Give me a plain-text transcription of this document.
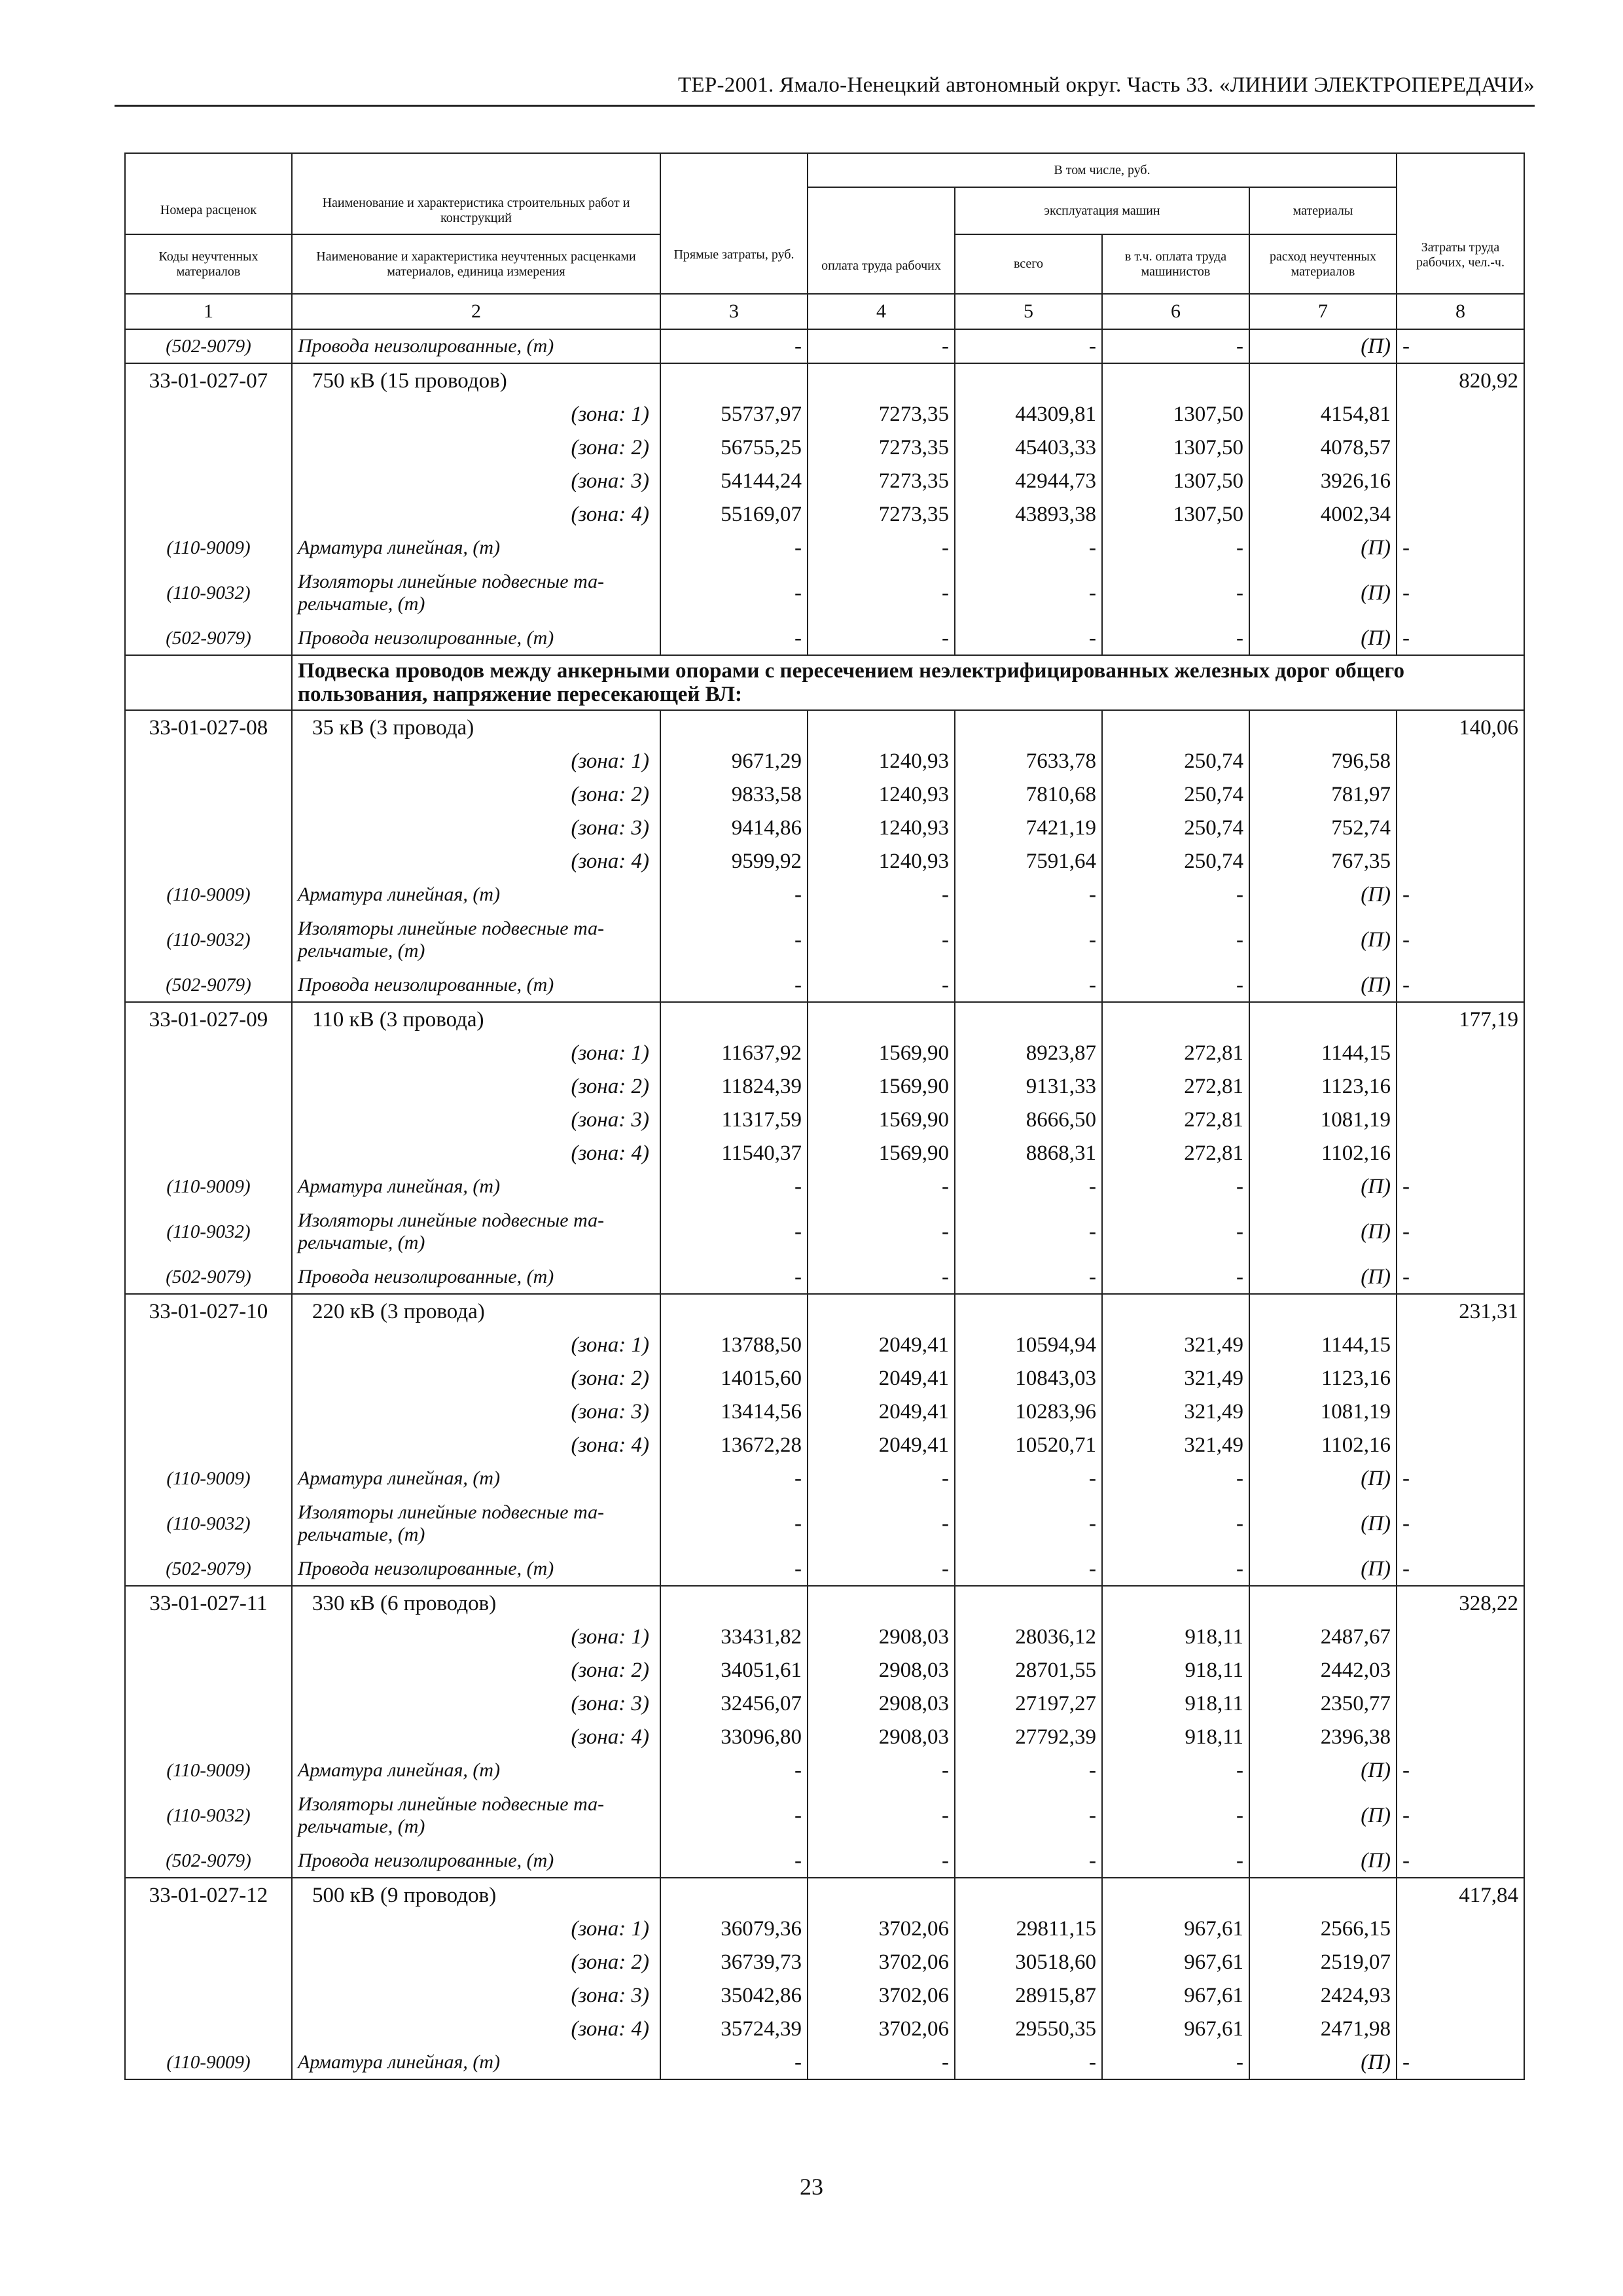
ТЕР-2001. Ямало-Ненецкий автономный округ. Часть 33. «ЛИНИИ ЭЛЕКТРОПЕРЕДАЧИ»

		Прямые затраты, руб.	В том числе, руб.				Затраты труда рабочих, чел.-ч.

Номера расценок	Наименование и характеристика строительных работ и конструкций		оплата труда рабочих	эксплуатация машин		материалы	
Коды неучтенных материалов	Наименование и характеристика неучтенных расценками материалов, единица измерения			всего	в т.ч. оплата труда машинистов	расход неучтенных материалов	
1	2	3	4	5	6	7	8
(502-9079)	Провода неизолированные, (т)	-	-	-	-	(П)	-
33-01-027-07	750 кВ (15 проводов)						820,92
	(зона: 1)	55737,97	7273,35	44309,81	1307,50	4154,81	
	(зона: 2)	56755,25	7273,35	45403,33	1307,50	4078,57	
	(зона: 3)	54144,24	7273,35	42944,73	1307,50	3926,16	
	(зона: 4)	55169,07	7273,35	43893,38	1307,50	4002,34	
(110-9009)	Арматура линейная, (т)	-	-	-	-	(П)	-
(110-9032)	Изоляторы линейные подвесные та-рельчатые, (т)	-	-	-	-	(П)	-
(502-9079)	Провода неизолированные, (т)	-	-	-	-	(П)	-
	Подвеска проводов между анкерными опорами с пересечением неэлектрифицированных железных дорог общего пользования, напряжение пересекающей ВЛ:						
33-01-027-08	35 кВ (3 провода)						140,06
	(зона: 1)	9671,29	1240,93	7633,78	250,74	796,58	
	(зона: 2)	9833,58	1240,93	7810,68	250,74	781,97	
	(зона: 3)	9414,86	1240,93	7421,19	250,74	752,74	
	(зона: 4)	9599,92	1240,93	7591,64	250,74	767,35	
(110-9009)	Арматура линейная, (т)	-	-	-	-	(П)	-
(110-9032)	Изоляторы линейные подвесные та-рельчатые, (т)	-	-	-	-	(П)	-
(502-9079)	Провода неизолированные, (т)	-	-	-	-	(П)	-
33-01-027-09	110 кВ (3 провода)						177,19
	(зона: 1)	11637,92	1569,90	8923,87	272,81	1144,15	
	(зона: 2)	11824,39	1569,90	9131,33	272,81	1123,16	
	(зона: 3)	11317,59	1569,90	8666,50	272,81	1081,19	
	(зона: 4)	11540,37	1569,90	8868,31	272,81	1102,16	
(110-9009)	Арматура линейная, (т)	-	-	-	-	(П)	-
(110-9032)	Изоляторы линейные подвесные та-рельчатые, (т)	-	-	-	-	(П)	-
(502-9079)	Провода неизолированные, (т)	-	-	-	-	(П)	-
33-01-027-10	220 кВ (3 провода)						231,31
	(зона: 1)	13788,50	2049,41	10594,94	321,49	1144,15	
	(зона: 2)	14015,60	2049,41	10843,03	321,49	1123,16	
	(зона: 3)	13414,56	2049,41	10283,96	321,49	1081,19	
	(зона: 4)	13672,28	2049,41	10520,71	321,49	1102,16	
(110-9009)	Арматура линейная, (т)	-	-	-	-	(П)	-
(110-9032)	Изоляторы линейные подвесные та-рельчатые, (т)	-	-	-	-	(П)	-
(502-9079)	Провода неизолированные, (т)	-	-	-	-	(П)	-
33-01-027-11	330 кВ (6 проводов)						328,22
	(зона: 1)	33431,82	2908,03	28036,12	918,11	2487,67	
	(зона: 2)	34051,61	2908,03	28701,55	918,11	2442,03	
	(зона: 3)	32456,07	2908,03	27197,27	918,11	2350,77	
	(зона: 4)	33096,80	2908,03	27792,39	918,11	2396,38	
(110-9009)	Арматура линейная, (т)	-	-	-	-	(П)	-
(110-9032)	Изоляторы линейные подвесные та-рельчатые, (т)	-	-	-	-	(П)	-
(502-9079)	Провода неизолированные, (т)	-	-	-	-	(П)	-
33-01-027-12	500 кВ (9 проводов)						417,84
	(зона: 1)	36079,36	3702,06	29811,15	967,61	2566,15	
	(зона: 2)	36739,73	3702,06	30518,60	967,61	2519,07	
	(зона: 3)	35042,86	3702,06	28915,87	967,61	2424,93	
	(зона: 4)	35724,39	3702,06	29550,35	967,61	2471,98	
(110-9009)	Арматура линейная, (т)	-	-	-	-	(П)	-
23
